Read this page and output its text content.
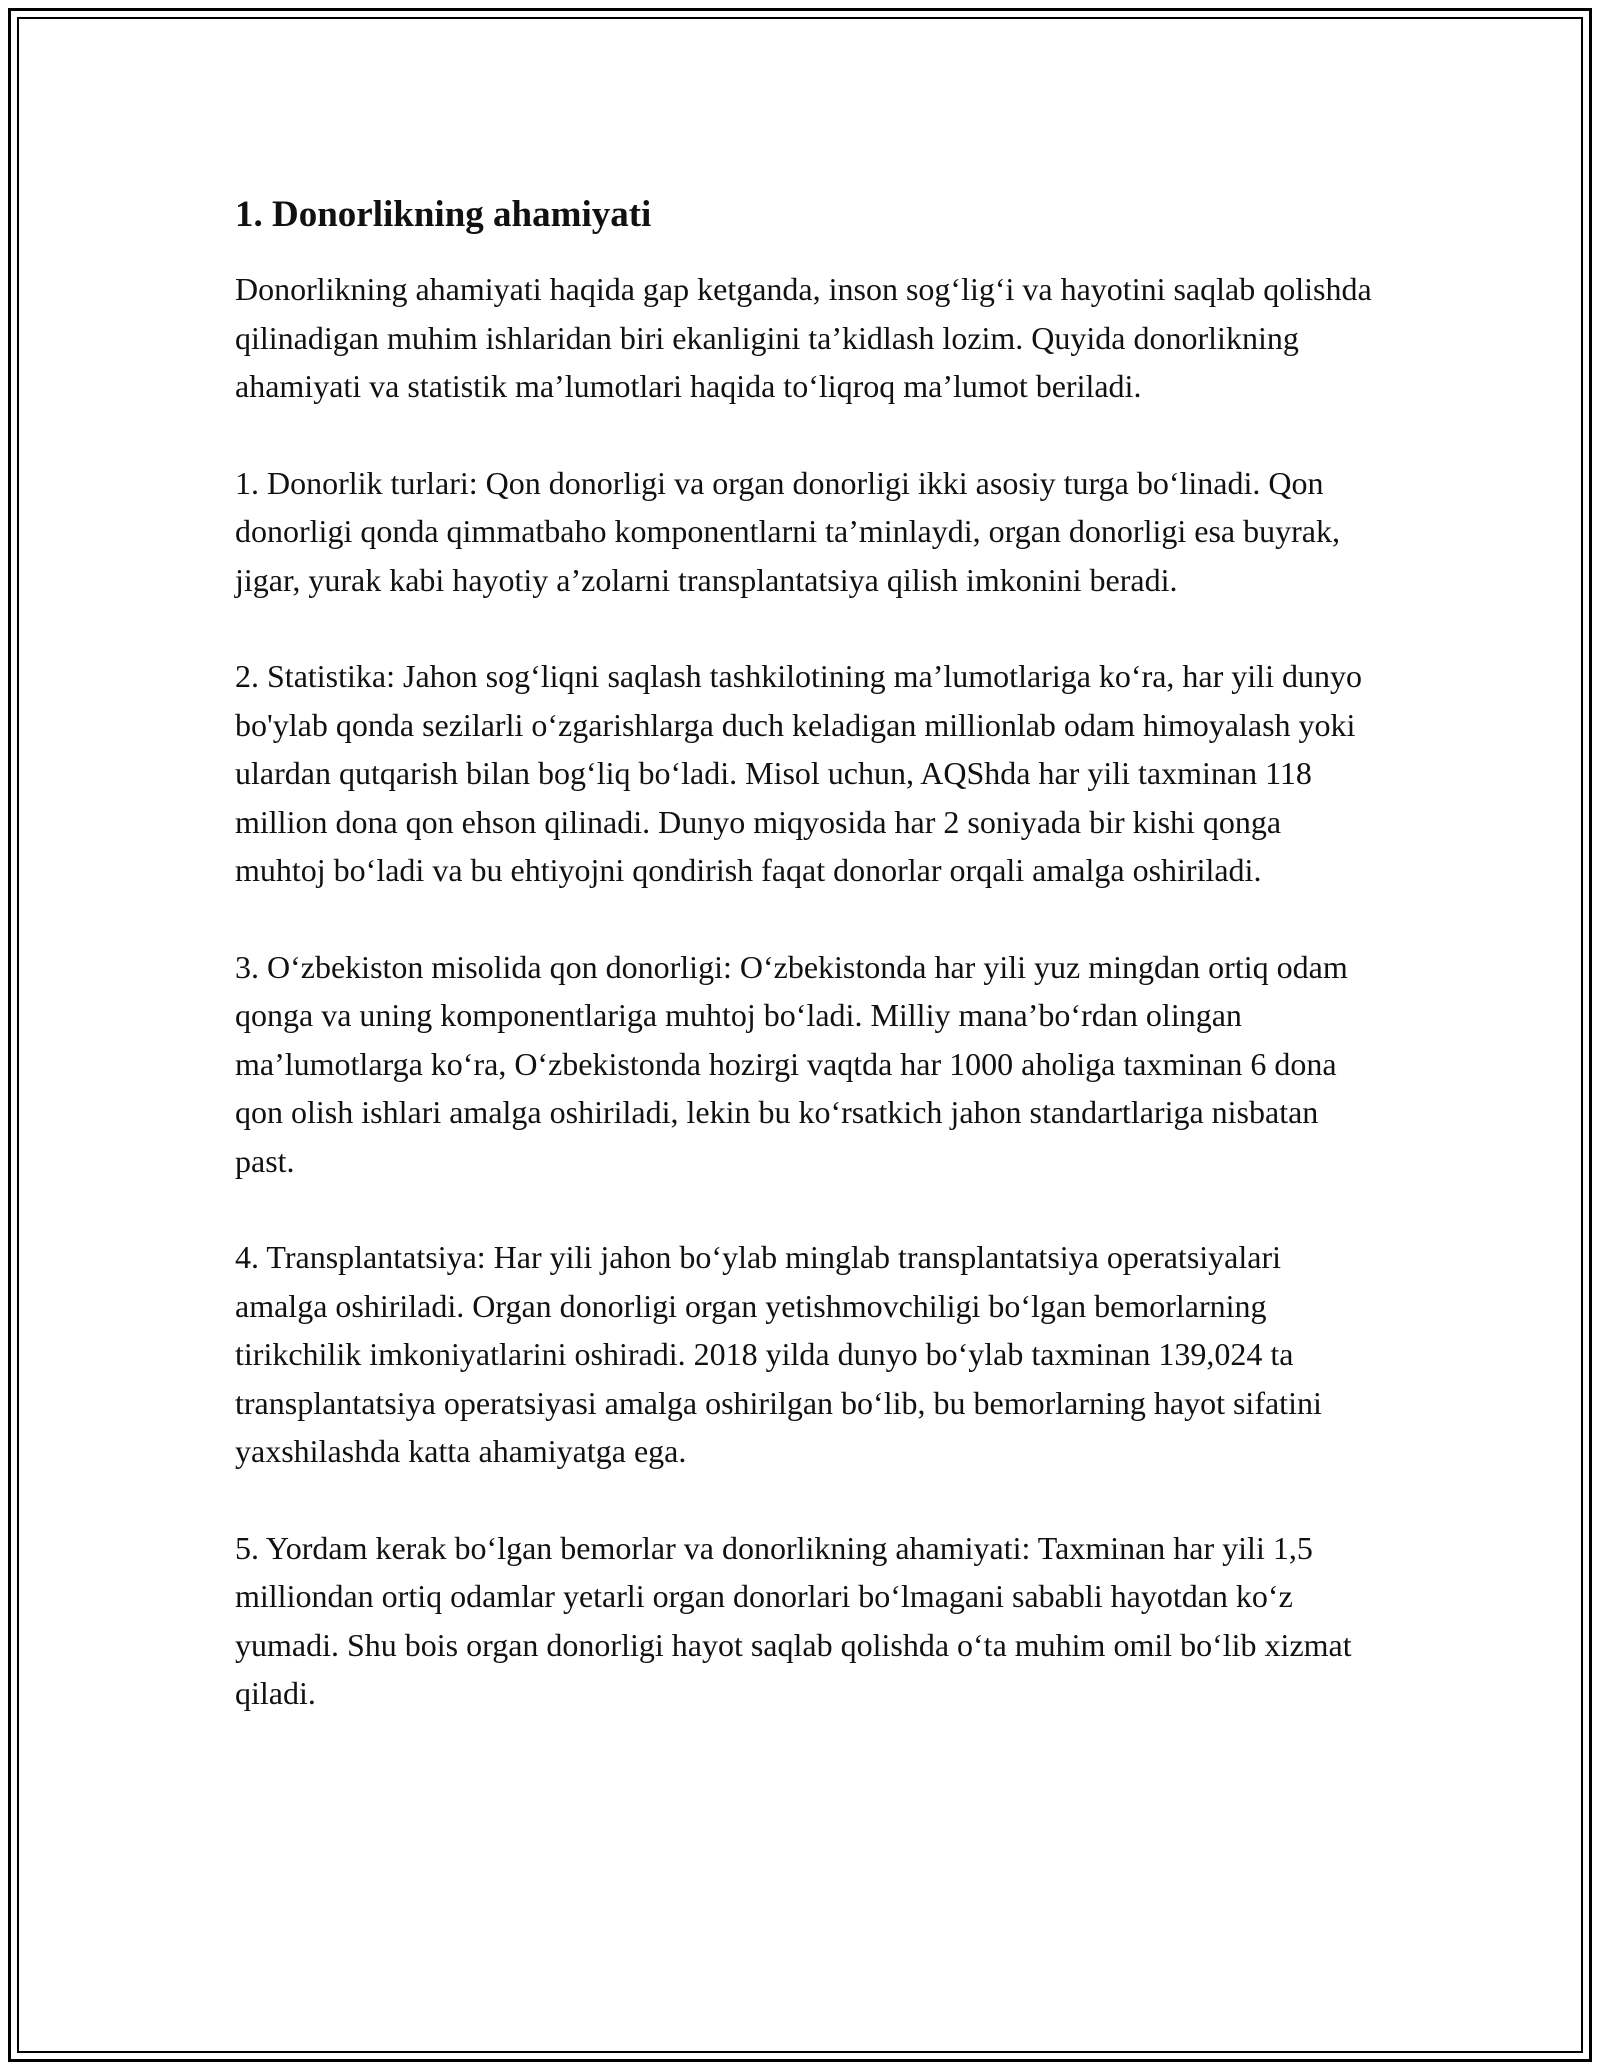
1. Donorlikning ahamiyati

Donorlikning ahamiyati haqida gap ketganda, inson sog‘lig‘i va hayotini saqlab qolishda qilinadigan muhim ishlaridan biri ekanligini ta’kidlash lozim. Quyida donorlikning ahamiyati va statistik ma’lumotlari haqida to‘liqroq ma’lumot beriladi.

1. Donorlik turlari: Qon donorligi va organ donorligi ikki asosiy turga bo‘linadi. Qon donorligi qonda qimmatbaho komponentlarni ta’minlaydi, organ donorligi esa buyrak, jigar, yurak kabi hayotiy a’zolarni transplantatsiya qilish imkonini beradi.

2. Statistika: Jahon sog‘liqni saqlash tashkilotining ma’lumotlariga ko‘ra, har yili dunyo bo'ylab qonda sezilarli o‘zgarishlarga duch keladigan millionlab odam himoyalash yoki ulardan qutqarish bilan bog‘liq bo‘ladi. Misol uchun, AQShda har yili taxminan 118 million dona qon ehson qilinadi. Dunyo miqyosida har 2 soniyada bir kishi qonga muhtoj bo‘ladi va bu ehtiyojni qondirish faqat donorlar orqali amalga oshiriladi.

3. O‘zbekiston misolida qon donorligi: O‘zbekistonda har yili yuz mingdan ortiq odam qonga va uning komponentlariga muhtoj bo‘ladi. Milliy mana’bo‘rdan olingan ma’lumotlarga ko‘ra, O‘zbekistonda hozirgi vaqtda har 1000 aholiga taxminan 6 dona qon olish ishlari amalga oshiriladi, lekin bu ko‘rsatkich jahon standartlariga nisbatan past.

4. Transplantatsiya: Har yili jahon bo‘ylab minglab transplantatsiya operatsiyalari amalga oshiriladi. Organ donorligi organ yetishmovchiligi bo‘lgan bemorlarning tirikchilik imkoniyatlarini oshiradi. 2018 yilda dunyo bo‘ylab taxminan 139,024 ta transplantatsiya operatsiyasi amalga oshirilgan bo‘lib, bu bemorlarning hayot sifatini yaxshilashda katta ahamiyatga ega.

5. Yordam kerak bo‘lgan bemorlar va donorlikning ahamiyati: Taxminan har yili 1,5 milliondan ortiq odamlar yetarli organ donorlari bo‘lmagani sababli hayotdan ko‘z yumadi. Shu bois organ donorligi hayot saqlab qolishda o‘ta muhim omil bo‘lib xizmat qiladi.
